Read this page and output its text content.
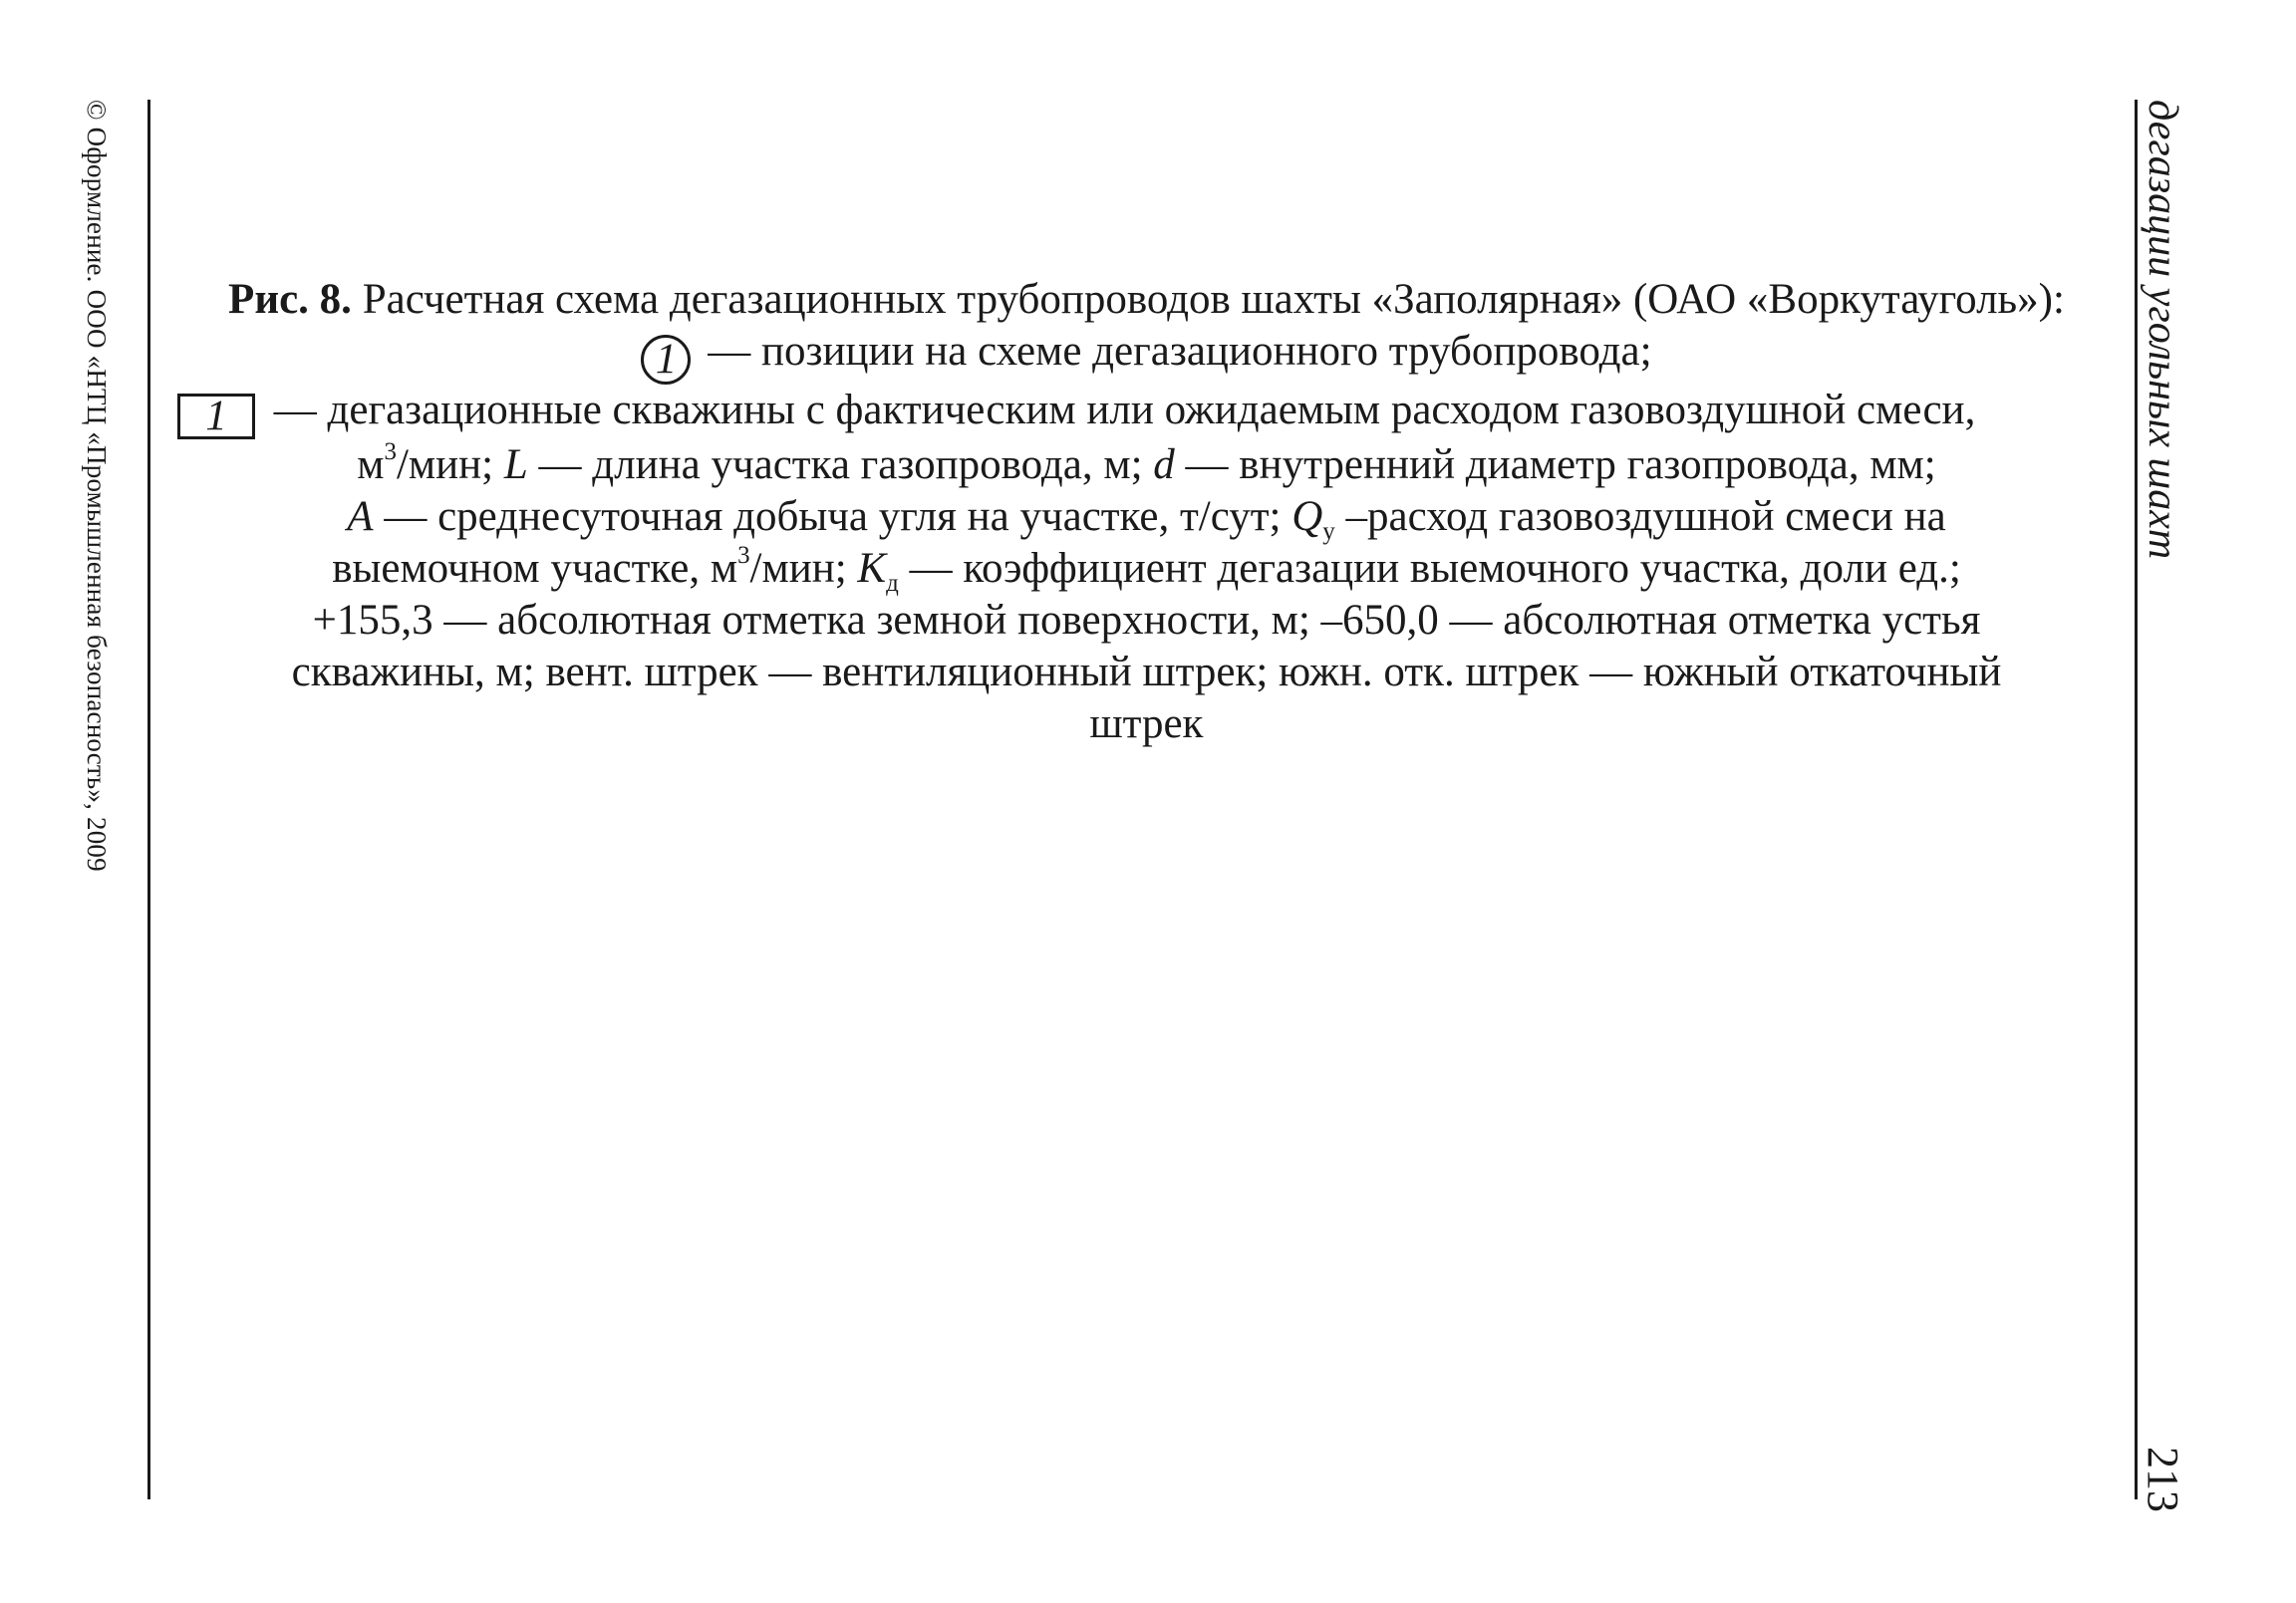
© Оформление. ООО «НТЦ «Промышленная безопасность», 2009	дегазации угольных шахт
213
Рис. 8. Расчетная схема дегазационных трубопроводов шахты «Заполярная» (ОАО «Воркутауголь»):
1 — позиции на схеме дегазационного трубопровода;
1 — дегазационные скважины с фактическим или ожидаемым расходом газовоздушной смеси,
$м^3$/мин; L — длина участка газопровода, м; d — внутренний диаметр газопровода, мм;
A — среднесуточная добыча угля на участке, т/сут; $Q_у$ –расход газовоздушной смеси на
выемочном участке, $м^3$/мин; $K_д$ — коэффициент дегазации выемочного участка, доли ед.;
+155,3 — абсолютная отметка земной поверхности, м; –650,0 — абсолютная отметка устья
скважины, м; вент. штрек — вентиляционный штрек; южн. отк. штрек — южный откаточный
штрек
